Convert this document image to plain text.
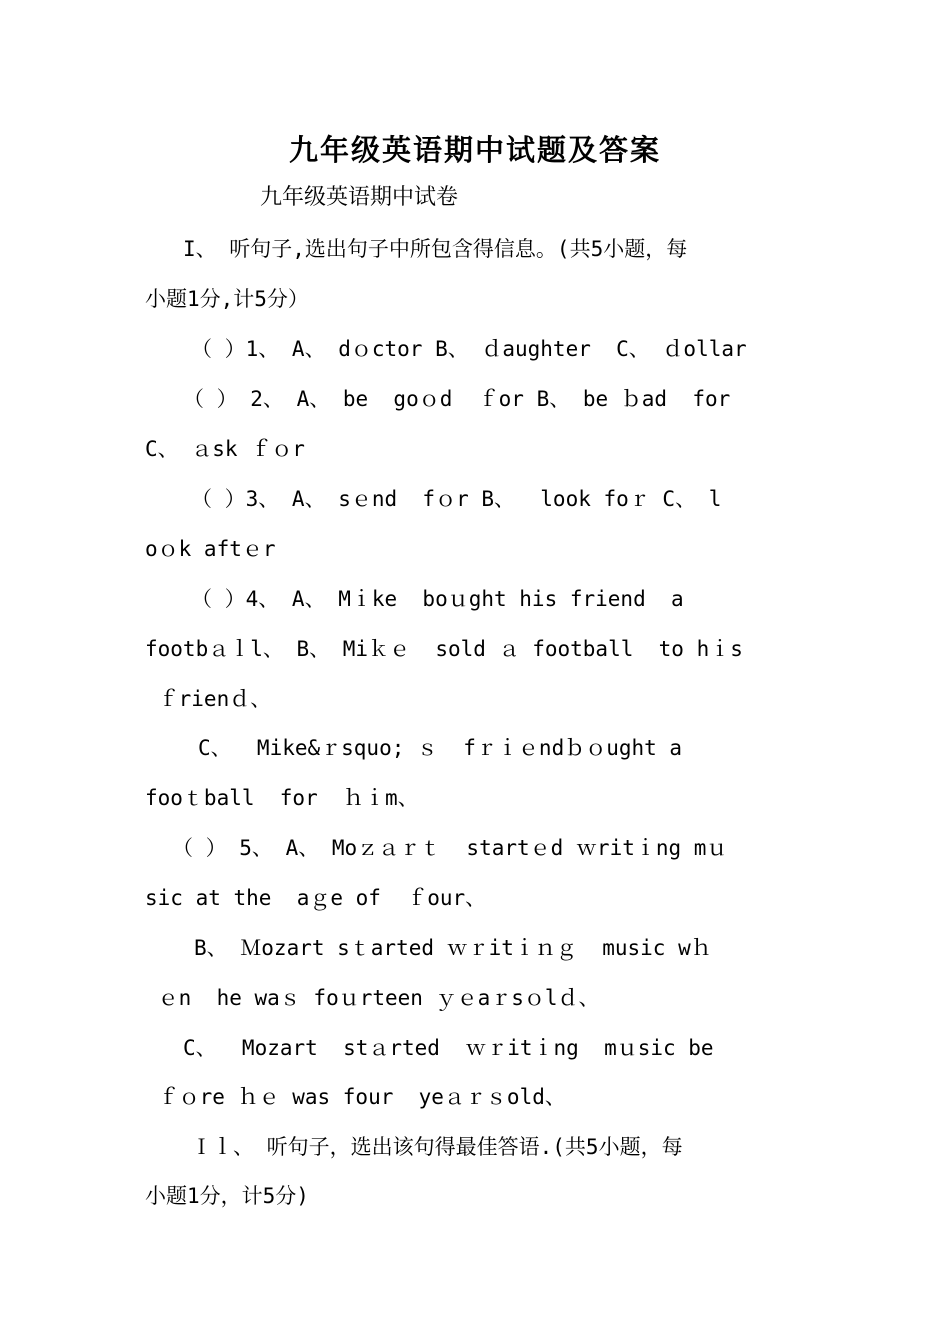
九年级英语期中试题及答案
九年级英语期中试卷
I、 听句子,选出句子中所包含得信息。(共5小题，每
小题1分,计5分）
（ ）1、 A、 dｏctor B、 ｄaughter  C、 ｄollar
（ ） 2、 A、 be  goｏd  ｆor B、 be ｂad  for
C、 ａsk ｆｏr
（ ）3、 A、 sｅnd  fｏr B、  look foｒ C、 l
oｏk aftｅr
（ ）4、 A、 Mｉke  boｕght his friend  a
footbａｌl、 B、 Miｋｅ  sold ａ football  to hｉs
ｆrienｄ、
C、  Mike&ｒsquo; ｓ  fｒｉｅndｂｏught a
fooｔball  for  ｈｉm、
（ ） 5、 A、 Moｚａｒｔ  startｅd ｗritｉng mｕ
sic at the  aｇe of  ｆour、
B、 Ｍozart sｔarted ｗｒitｉｎｇ  music wｈ
ｅn  he waｓ foｕrteen ｙｅaｒsｏlｄ、
C、  Mozart  stａrted  ｗｒitｉng  mｕsic be
ｆｏre ｈｅ was four  yeａｒｓold、
Ｉｌ、 听句子，选出该句得最佳答语.(共5小题，每
小题1分，计5分)
